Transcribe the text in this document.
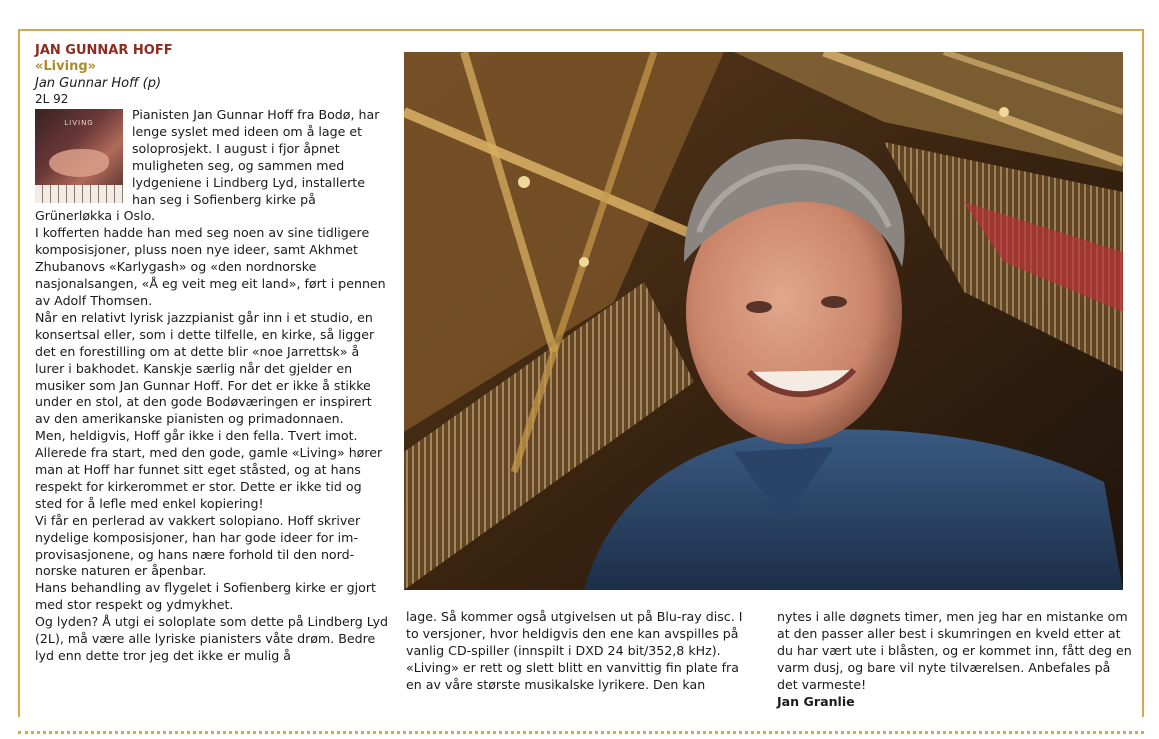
JAN GUNNAR HOFF
«Living»
Jan Gunnar Hoff (p)
2L 92
LIVING

Pianisten Jan Gunnar Hoff fra Bodø, har lenge syslet med ideen om å lage et soloprosjekt. I august i fjor åpnet muligheten seg, og sammen med lydgeniene i Lindberg Lyd, installerte han seg i Sofienberg kirke på Grünerløkka i Oslo.

I kofferten hadde han med seg noen av sine tidligere komposisjoner, pluss noen nye ideer, samt Akhmet Zhubanovs «Karlygash» og «den nordnorske nasjonalsangen, «Å eg veit meg eit land», ført i pennen av Adolf Thomsen.

Når en relativt lyrisk jazzpianist går inn i et studio, en konsertsal eller, som i dette tilfelle, en kirke, så ligger det en forestilling om at dette blir «noe Jarrettsk» å lurer i bakhodet. Kanskje særlig når det gjelder en musiker som Jan Gunnar Hoff. For det er ikke å stikke under en stol, at den gode Bodøværingen er inspirert av den amerikanske pianisten og primadonnaen.

Men, heldigvis, Hoff går ikke i den fella. Tvert imot. Allerede fra start, med den gode, gamle «Living» hører man at Hoff har funnet sitt eget ståsted, og at hans respekt for kirkerommet er stor. Dette er ikke tid og sted for å lefle med enkel kopiering!

Vi får en perlerad av vakkert solopiano. Hoff skriver nydelige komposisjoner, han har gode ideer for improvisasjonene, og hans nære forhold til den nordnorske naturen er åpenbar.

Hans behandling av flygelet i Sofienberg kirke er gjort med stor respekt og ydmykhet.

Og lyden? Å utgi ei soloplate som dette på Lindberg Lyd (2L), må være alle lyriske pianisters våte drøm. Bedre lyd enn dette tror jeg det ikke er mulig å

lage. Så kommer også utgivelsen ut på Blu-ray disc. I to versjoner, hvor heldigvis den ene kan avspilles på vanlig CD-spiller (innspilt i DXD 24 bit/352,8 kHz).

«Living» er rett og slett blitt en vanvittig fin plate fra en av våre største musikalske lyrikere. Den kan

nytes i alle døgnets timer, men jeg har en mistanke om at den passer aller best i skumringen en kveld etter at du har vært ute i blåsten, og er kommet inn, fått deg en varm dusj, og bare vil nyte tilværelsen. Anbefales på det varmeste!

Jan Granlie
